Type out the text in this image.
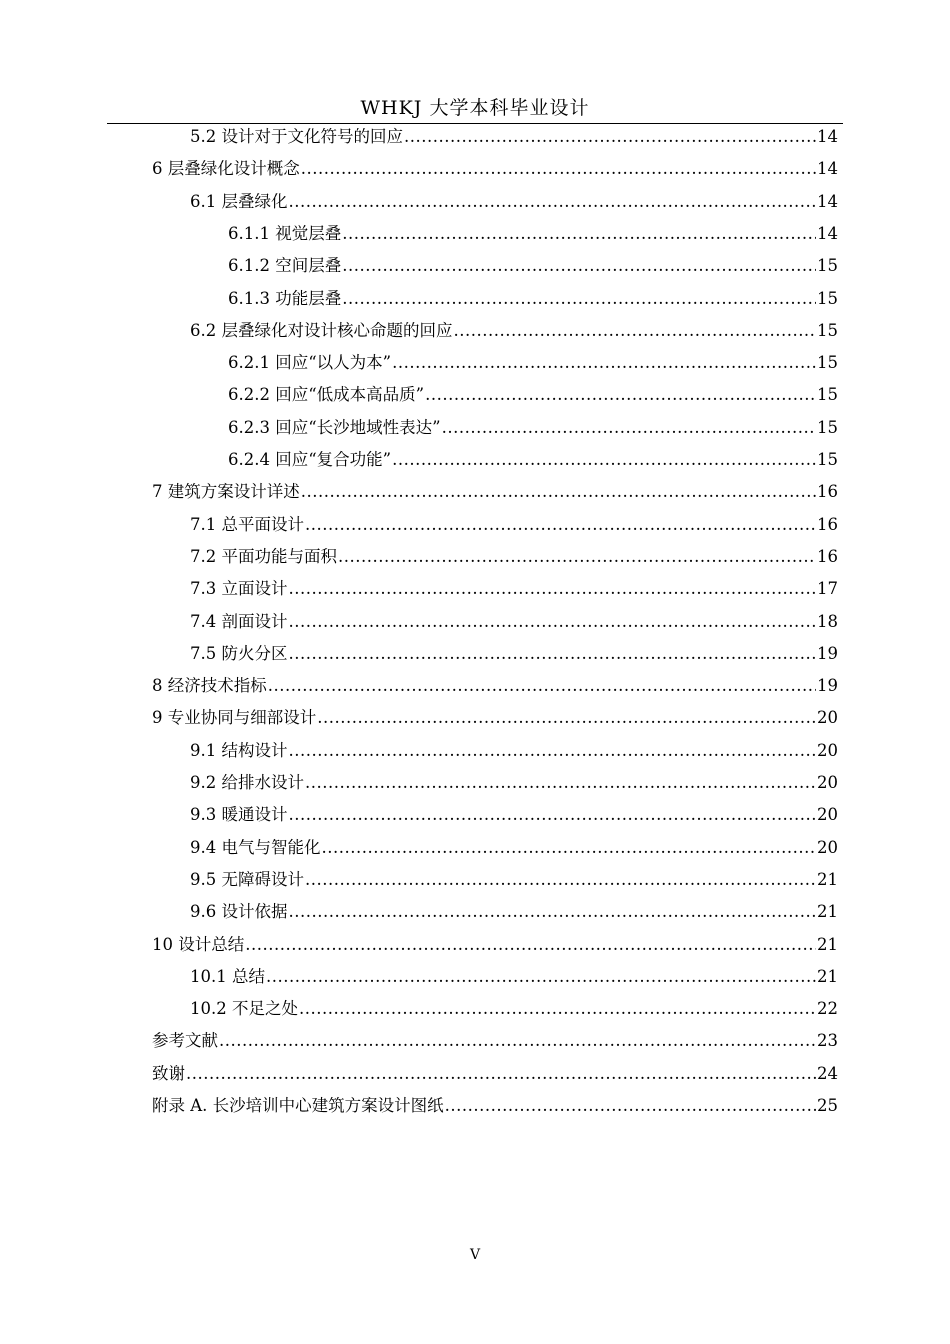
WHKJ 大学本科毕业设计
5.2 设计对于文化符号的回应 .....	14
6 层叠绿化设计概念 .....	14
6.1 层叠绿化 .....	14
6.1.1 视觉层叠 .....	14
6.1.2 空间层叠 .....	15
6.1.3 功能层叠 .....	15
6.2 层叠绿化对设计核心命题的回应 .....	15
6.2.1 回应“以人为本” .....	15
6.2.2 回应“低成本高品质” .....	15
6.2.3 回应“长沙地域性表达” .....	15
6.2.4 回应“复合功能” .....	15
7 建筑方案设计详述 .....	16
7.1 总平面设计 .....	16
7.2 平面功能与面积 .....	16
7.3 立面设计 .....	17
7.4 剖面设计 .....	18
7.5 防火分区 .....	19
8 经济技术指标 .....	19
9 专业协同与细部设计 .....	20
9.1 结构设计 .....	20
9.2 给排水设计 .....	20
9.3 暖通设计 .....	20
9.4 电气与智能化 .....	20
9.5 无障碍设计 .....	21
9.6 设计依据 .....	21
10 设计总结 .....	21
10.1 总结 .....	21
10.2 不足之处 .....	22
参考文献 .....	23
致谢 .....	24
附录 A. 长沙培训中心建筑方案设计图纸 .....	25
V
